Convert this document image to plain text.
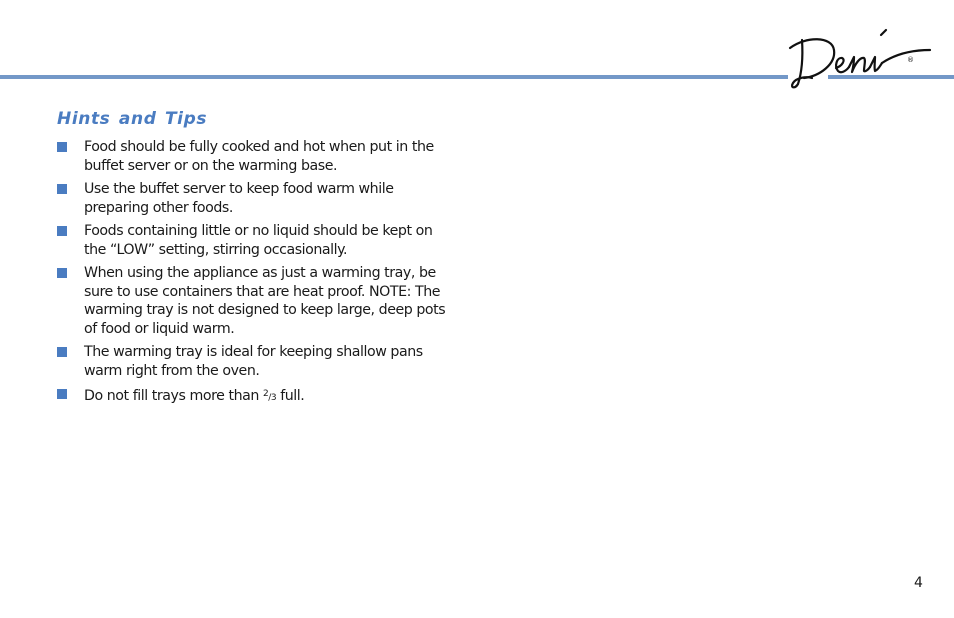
®
Hints and Tips
Food should be fully cooked and hot when put in the buffet server or on the warming base.
Use the buffet server to keep food warm while preparing other foods.
Foods containing little or no liquid should be kept on the “LOW” setting, stirring occasionally.
When using the appliance as just a warming tray, be sure to use containers that are heat proof. NOTE: The warming tray is not designed to keep large, deep pots of food or liquid warm.
The warming tray is ideal for keeping shallow pans warm right from the oven.
Do not fill trays more than 2/3 full.
4
